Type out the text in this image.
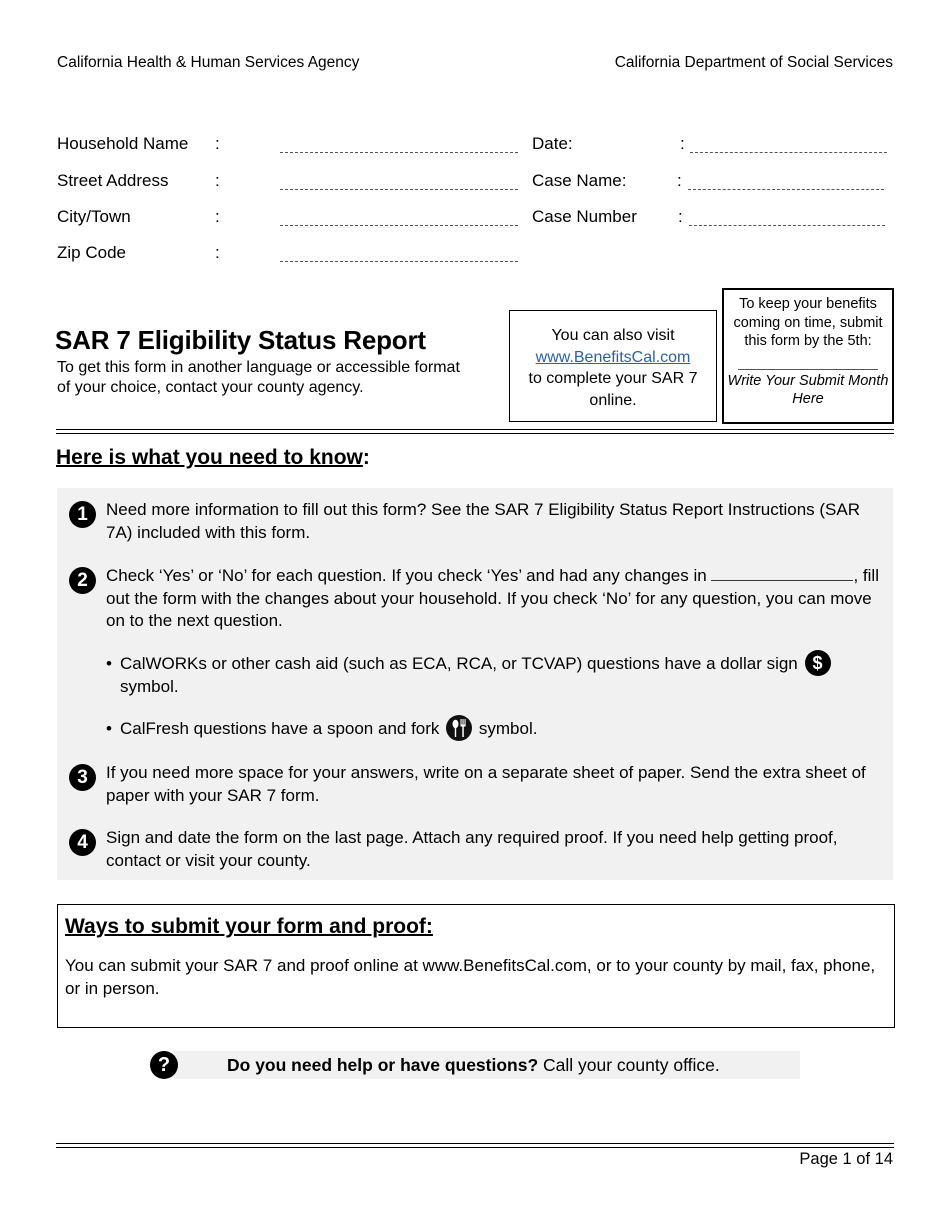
California Health & Human Services Agency	California Department of Social Services
Household Name :
Street Address	:
City/Town	:
Zip Code	:
Date:	:
Case Name:	:
Case Number :
SAR 7 Eligibility Status Report
To get this form in another language or accessible format of your choice, contact your county agency.
You can also visit
www.BenefitsCal.com
to complete your SAR 7 online.
To keep your benefits coming on time, submit this form by the 5th:
Write Your Submit Month Here
Here is what you need to know:
1	Need more information to fill out this form? See the SAR 7 Eligibility Status Report Instructions (SAR 7A) included with this form.
2	Check ‘Yes’ or ‘No’ for each question. If you check ‘Yes’ and had any changes in	, fill out the form with the changes about your household. If you check ‘No’ for any question, you can move on to the next question.
• CalWORKs or other cash aid (such as ECA, RCA, or TCVAP) questions have a dollar sign $ symbol.
• CalFresh questions have a spoon and fork symbol.
3	If you need more space for your answers, write on a separate sheet of paper. Send the extra sheet of paper with your SAR 7 form.
4	Sign and date the form on the last page. Attach any required proof. If you need help getting proof, contact or visit your county.
Ways to submit your form and proof:
You can submit your SAR 7 and proof online at www.BenefitsCal.com, or to your county by mail, fax, phone, or in person.
?	Do you need help or have questions? Call your county office.
Page 1 of 14
